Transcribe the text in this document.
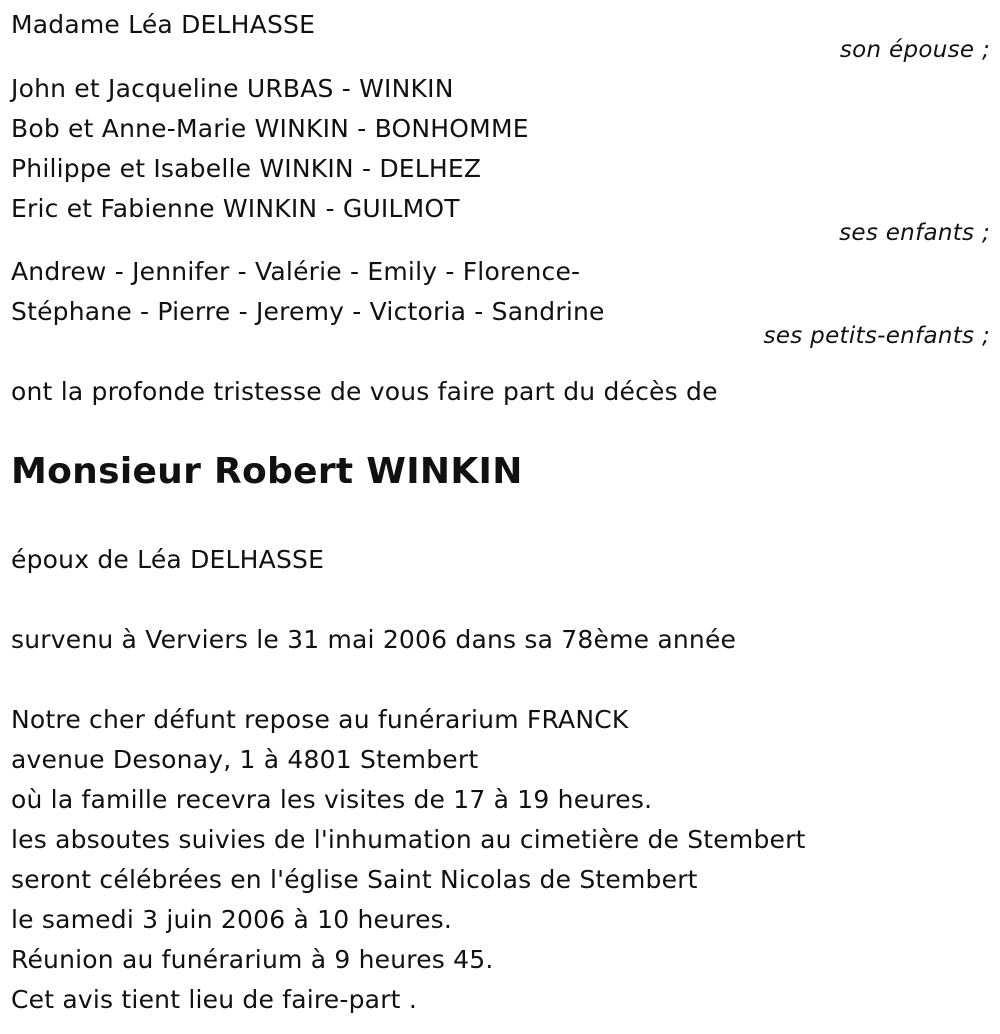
Madame Léa DELHASSE
son épouse ;
John et Jacqueline URBAS - WINKIN
Bob et Anne-Marie WINKIN - BONHOMME
Philippe et Isabelle WINKIN - DELHEZ
Eric et Fabienne WINKIN - GUILMOT
ses enfants ;
Andrew - Jennifer - Valérie - Emily - Florence-
Stéphane - Pierre - Jeremy - Victoria - Sandrine
ses petits-enfants ;
ont la profonde tristesse de vous faire part du décès de
Monsieur Robert WINKIN
époux de Léa DELHASSE
survenu à Verviers le 31 mai 2006 dans sa 78ème année
Notre cher défunt repose au funérarium FRANCK
avenue Desonay, 1 à 4801 Stembert
où la famille recevra les visites de 17 à 19 heures.
les absoutes suivies de l'inhumation au cimetière de Stembert
seront célébrées en l'église Saint Nicolas de Stembert
le samedi 3 juin 2006 à 10 heures.
Réunion au funérarium à 9 heures 45.
Cet avis tient lieu de faire-part .
